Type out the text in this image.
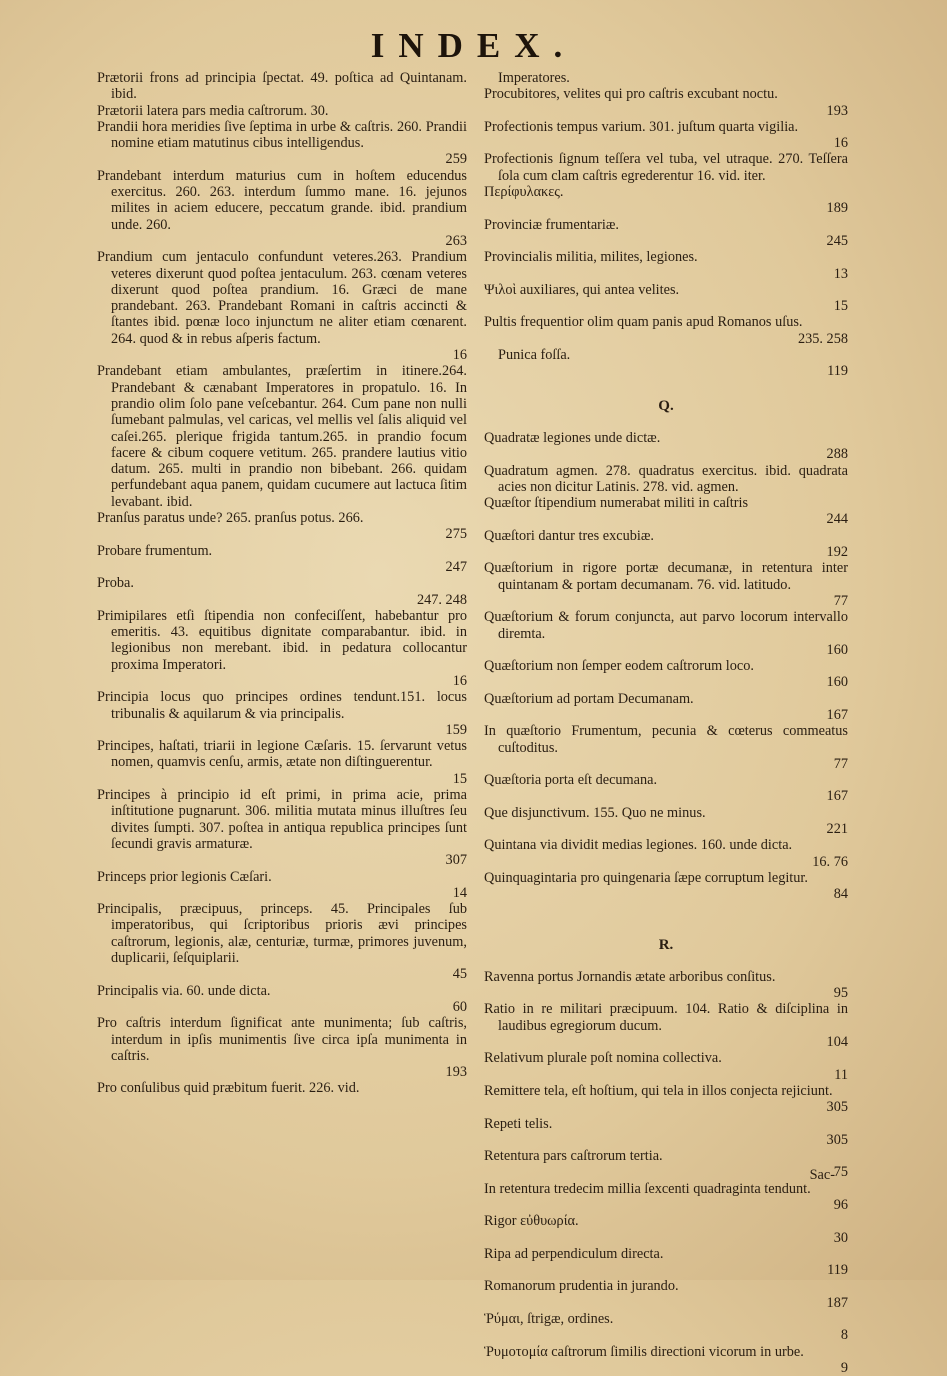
INDEX.

Prætorii frons ad principia ſpectat. 49. poſtica ad Quintanam. ibid.

Prætorii latera pars media caſtrorum. 30.

Prandii hora meridies ſive ſeptima in urbe & caſtris. 260. Prandii nomine etiam matutinus cibus intelligendus.
259

Prandebant interdum maturius cum in hoſtem educendus exercitus. 260. 263. interdum ſummo mane. 16. jejunos milites in aciem educere, peccatum grande. ibid. prandium unde. 260.
263

Prandium cum jentaculo confundunt veteres.263. Prandium veteres dixerunt quod poſtea jentaculum. 263. cœnam veteres dixerunt quod poſtea prandium. 16. Græci de mane prandebant. 263. Prandebant Romani in caſtris accincti & ſtantes ibid. pœnæ loco injunctum ne aliter etiam cœnarent. 264. quod & in rebus aſperis factum.
16

Prandebant etiam ambulantes, præſertim in itinere.264. Prandebant & cænabant Imperatores in propatulo. 16. In prandio olim ſolo pane veſcebantur. 264. Cum pane non nulli ſumebant palmulas, vel caricas, vel mellis vel ſalis aliquid vel caſei.265. plerique frigida tantum.265. in prandio focum facere & cibum coquere vetitum. 265. prandere lautius vitio datum. 265. multi in prandio non bibebant. 266. quidam perfundebant aqua panem, quidam cucumere aut lactuca ſitim levabant. ibid.

Pranſus paratus unde? 265. pranſus potus. 266.
275

Probare frumentum.
247

Proba.
247. 248

Primipilares etſi ſtipendia non confeciſſent, habebantur pro emeritis. 43. equitibus dignitate comparabantur. ibid. in legionibus non merebant. ibid. in pedatura collocantur proxima Imperatori.
16

Principia locus quo principes ordines tendunt.151. locus tribunalis & aquilarum & via principalis.
159

Principes, haſtati, triarii in legione Cæſaris. 15. ſervarunt vetus nomen, quamvis cenſu, armis, ætate non diſtinguerentur.
15

Principes à principio id eſt primi, in prima acie, prima inſtitutione pugnarunt. 306. militia mutata minus illuſtres ſeu divites ſumpti. 307. poſtea in antiqua republica principes ſunt ſecundi gravis armaturæ.
307

Princeps prior legionis Cæſari.
14

Principalis, præcipuus, princeps. 45. Principales ſub imperatoribus, qui ſcriptoribus prioris ævi principes caſtrorum, legionis, alæ, centuriæ, turmæ, primores juvenum, duplicarii, ſeſquiplarii.
45

Principalis via. 60. unde dicta.
60

Pro caſtris interdum ſignificat ante munimenta; ſub caſtris, interdum in ipſis munimentis ſive circa ipſa munimenta in caſtris.
193

Pro conſulibus quid præbitum fuerit. 226. vid.

Imperatores.

Procubitores, velites qui pro caſtris excubant noctu.
193

Profectionis tempus varium. 301. juſtum quarta vigilia.
16

Profectionis ſignum teſſera vel tuba, vel utraque. 270. Teſſera ſola cum clam caſtris egrederentur 16. vid. iter.

Περίφυλακες.
189

Provinciæ frumentariæ.
245

Provincialis militia, milites, legiones.
13

Ψιλοὶ auxiliares, qui antea velites.
15

Pultis frequentior olim quam panis apud Romanos uſus.
235. 258

Punica foſſa.
119

Q.

Quadratæ legiones unde dictæ.
288

Quadratum agmen. 278. quadratus exercitus. ibid. quadrata acies non dicitur Latinis. 278. vid. agmen.

Quæſtor ſtipendium numerabat militi in caſtris
244

Quæſtori dantur tres excubiæ.
192

Quæſtorium in rigore portæ decumanæ, in retentura inter quintanam & portam decumanam. 76. vid. latitudo.
77

Quæſtorium & forum conjuncta, aut parvo locorum intervallo diremta.
160

Quæſtorium non ſemper eodem caſtrorum loco.
160

Quæſtorium ad portam Decumanam.
167

In quæſtorio Frumentum, pecunia & cœterus commeatus cuſtoditus.
77

Quæſtoria porta eſt decumana.
167

Que disjunctivum. 155. Quo ne minus.
221

Quintana via dividit medias legiones. 160. unde dicta.
16. 76

Quinquagintaria pro quingenaria ſæpe corruptum legitur.
84

R.

Ravenna portus Jornandis ætate arboribus conſitus.
95

Ratio in re militari præcipuum. 104. Ratio & diſciplina in laudibus egregiorum ducum.
104

Relativum plurale poſt nomina collectiva.
11

Remittere tela, eſt hoſtium, qui tela in illos conjecta rejiciunt.
305

Repeti telis.
305

Retentura pars caſtrorum tertia.
75

In retentura tredecim millia ſexcenti quadraginta tendunt.
96

Rigor εὐθυωρία.
30

Ripa ad perpendiculum directa.
119

Romanorum prudentia in jurando.
187

Ῥύμαι, ſtrigæ, ordines.
8

Ῥυμοτομία caſtrorum ſimilis directioni vicorum in urbe.
9

Sac-
